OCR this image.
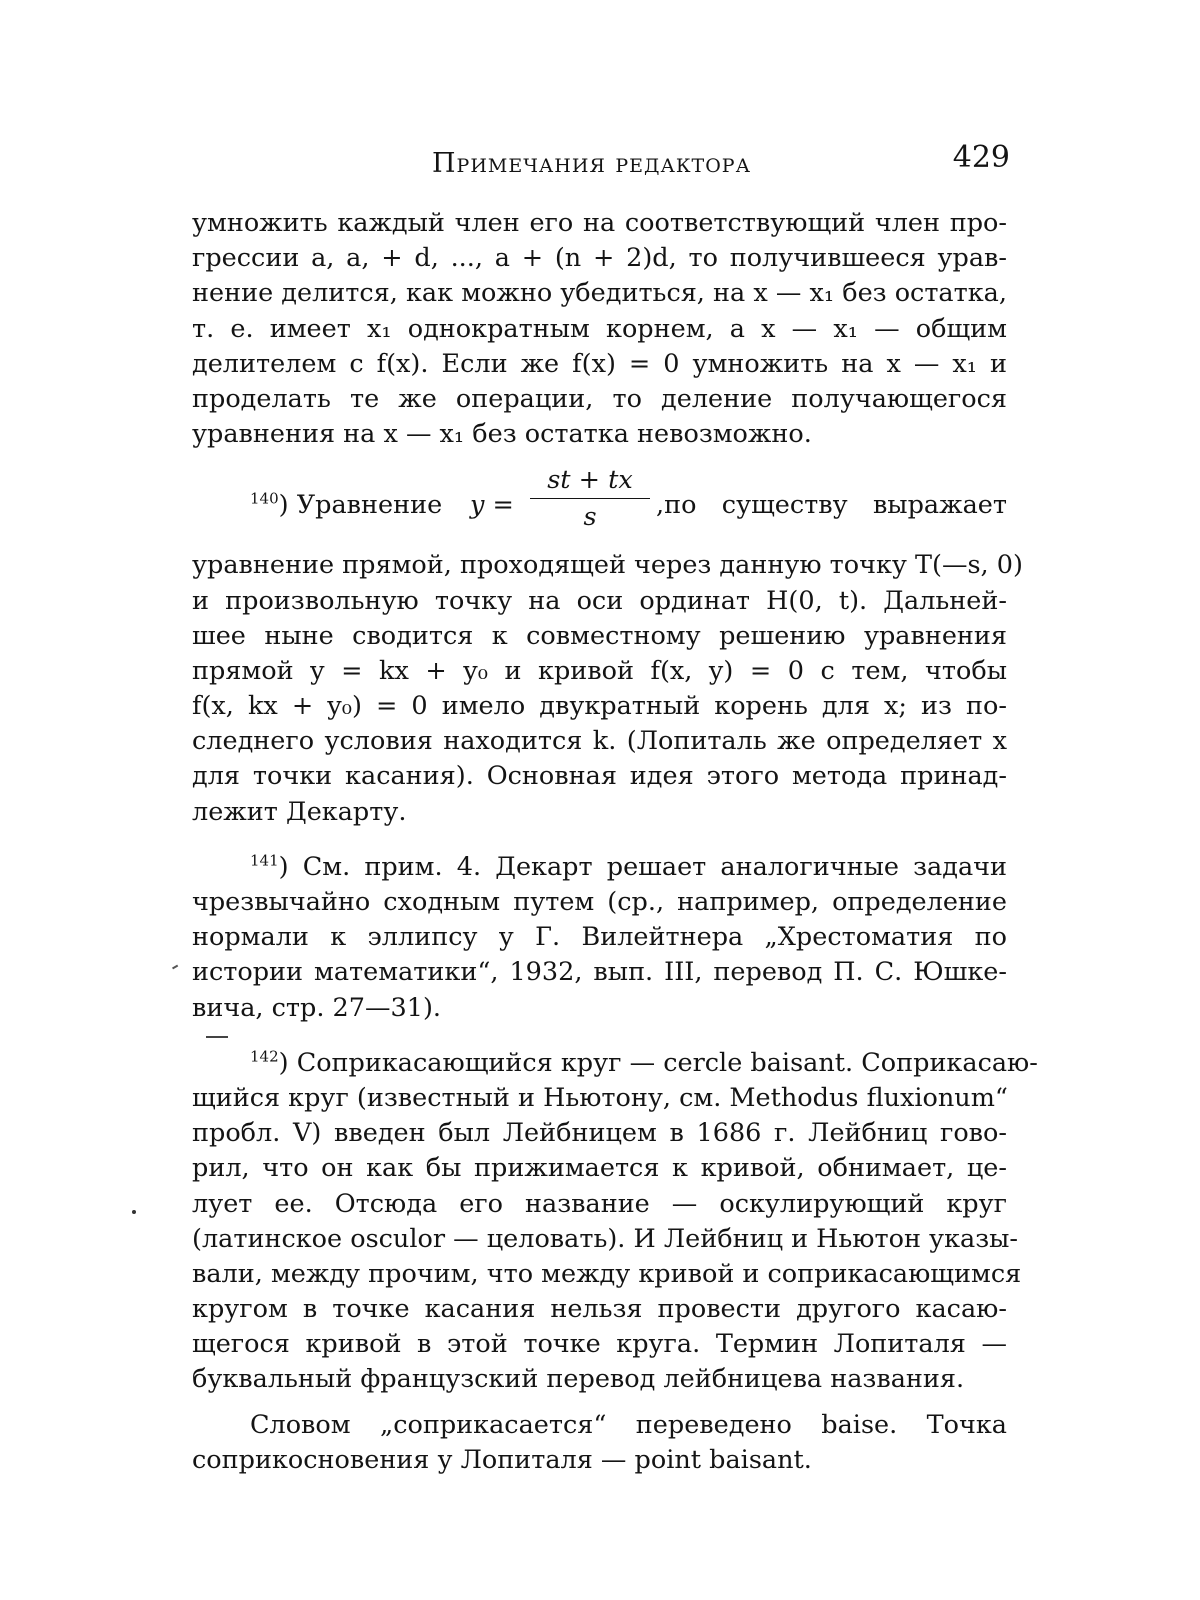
Примечания редактора	429
умножить каждый член его на соответствующий член про-
грессии a, a, + d, ..., a + (n + 2)d, то получившееся урав-
нение делится, как можно убедиться, на x — x₁ без остатка,
т. е. имеет x₁ однократным корнем, а x — x₁ — общим
делителем с f(x). Если же f(x) = 0 умножить на x — x₁ и
проделать те же операции, то деление получающегося
уравнения на x — x₁ без остатка невозможно.
140) Уравнение y =
st + tx
s	,по существу выражает
уравнение прямой, проходящей через данную точку T(—s, 0)
и произвольную точку на оси ординат H(0, t). Дальней-
шее ныне сводится к совместному решению уравнения
прямой y = kx + y₀ и кривой f(x, y) = 0 с тем, чтобы
f(x, kx + y₀) = 0 имело двукратный корень для x; из по-
следнего условия находится k. (Лопиталь же определяет x
для точки касания). Основная идея этого метода принад-
лежит Декарту.
141) См. прим. 4. Декарт решает аналогичные задачи
чрезвычайно сходным путем (ср., например, определение
нормали к эллипсу у Г. Вилейтнера „Хрестоматия по
истории математики“, 1932, вып. III, перевод П. С. Юшке-
вича, стр. 27—31).
142) Соприкасающийся круг — cercle baisant. Соприкасаю-
щийся круг (известный и Ньютону, см. Methodus fluxionum“
пробл. V) введен был Лейбницем в 1686 г. Лейбниц гово-
рил, что он как бы прижимается к кривой, обнимает, це-
лует ее. Отсюда его название — оскулирующий круг
(латинское osculor — целовать). И Лейбниц и Ньютон указы-
вали, между прочим, что между кривой и соприкасающимся
кругом в точке касания нельзя провести другого касаю-
щегося кривой в этой точке круга. Термин Лопиталя —
буквальный французский перевод лейбницева названия.
Словом „соприкасается“ переведено baise. Точка
соприкосновения у Лопиталя — point baisant.
